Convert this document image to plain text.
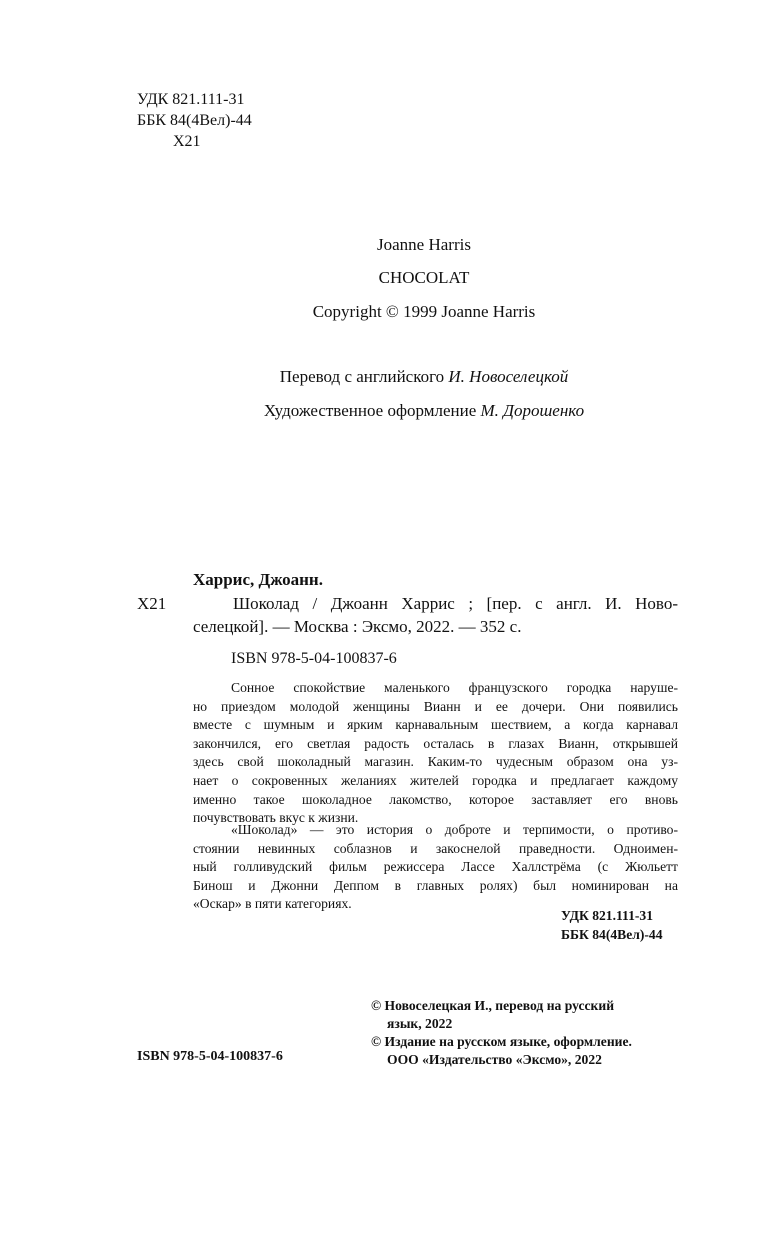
УДК 821.111-31
ББК 84(4Вел)-44
Х21
Joanne Harris
CHOCOLAT
Copyright © 1999 Joanne Harris
Перевод с английского И. Новоселецкой
Художественное оформление М. Дорошенко
Харрис, Джоанн.
Х21	Шоколад / Джоанн Харрис ; [пер. с англ. И. Ново-
селецкой]. — Москва : Эксмо, 2022. — 352 с.
ISBN 978-5-04-100837-6
Сонное спокойствие маленького французского городка наруше-
но приездом молодой женщины Вианн и ее дочери. Они появились
вместе с шумным и ярким карнавальным шествием, а когда карнавал
закончился, его светлая радость осталась в глазах Вианн, открывшей
здесь свой шоколадный магазин. Каким-то чудесным образом она уз-
нает о сокровенных желаниях жителей городка и предлагает каждому
именно такое шоколадное лакомство, которое заставляет его вновь
почувствовать вкус к жизни.
«Шоколад» — это история о доброте и терпимости, о противо-
стоянии невинных соблазнов и закоснелой праведности. Одноимен-
ный голливудский фильм режиссера Лассе Халлстрёма (с Жюльетт
Бинош и Джонни Деппом в главных ролях) был номинирован на
«Оскар» в пяти категориях.
УДК 821.111-31
ББК 84(4Вел)-44
ISBN 978-5-04-100837-6
© Новоселецкая И., перевод на русский
язык, 2022
© Издание на русском языке, оформление.
ООО «Издательство «Эксмо», 2022
